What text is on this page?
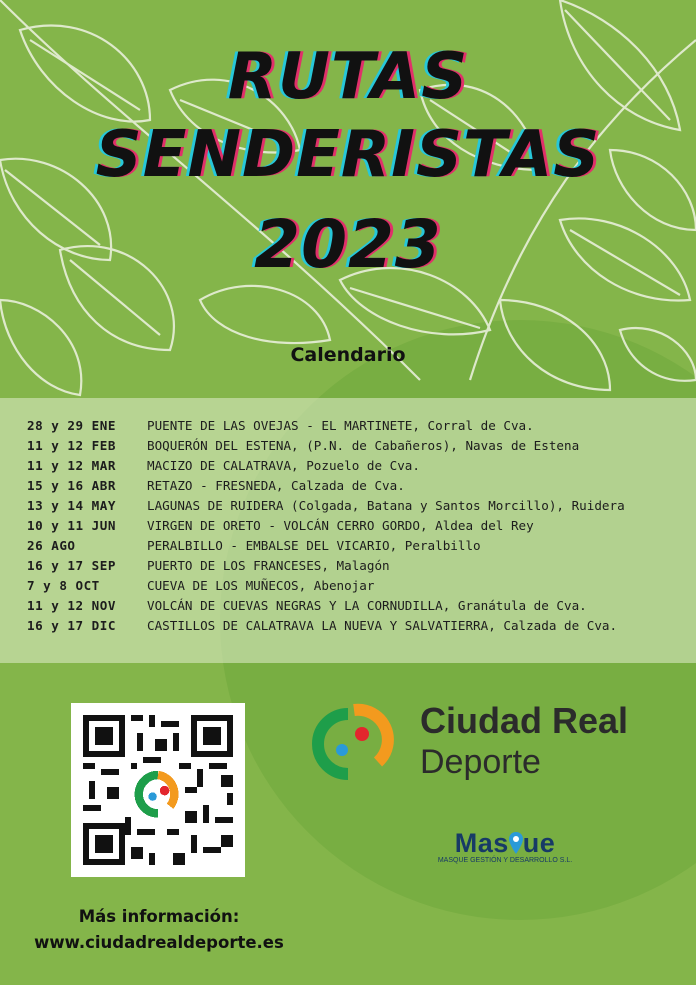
RUTAS
SENDERISTAS
2023
Calendario
28 y 29 ENE PUENTE DE LAS OVEJAS - EL MARTINETE, Corral de Cva.
11 y 12 FEB BOQUERÓN DEL ESTENA, (P.N. de Cabañeros), Navas de Estena
11 y 12 MAR MACIZO DE CALATRAVA, Pozuelo de Cva.
15 y 16 ABR RETAZO - FRESNEDA, Calzada de Cva.
13 y 14 MAY LAGUNAS DE RUIDERA (Colgada, Batana y Santos Morcillo), Ruidera
10 y 11 JUN VIRGEN DE ORETO - VOLCÁN CERRO GORDO, Aldea del Rey
26 AGO	PERALBILLO - EMBALSE DEL VICARIO, Peralbillo
16 y 17 SEP PUERTO DE LOS FRANCESES, Malagón
7 y 8 OCT	CUEVA DE LOS MUÑECOS, Abenojar
11 y 12 NOV VOLCÁN DE CUEVAS NEGRAS Y LA CORNUDILLA, Granátula de Cva.
16 y 17 DIC CASTILLOS DE CALATRAVA LA NUEVA Y SALVATIERRA, Calzada de Cva.
Ciudad Real
Deporte
Mas ue
MASQUE GESTIÓN Y DESARROLLO S.L.
Más información:
www.ciudadrealdeporte.es
